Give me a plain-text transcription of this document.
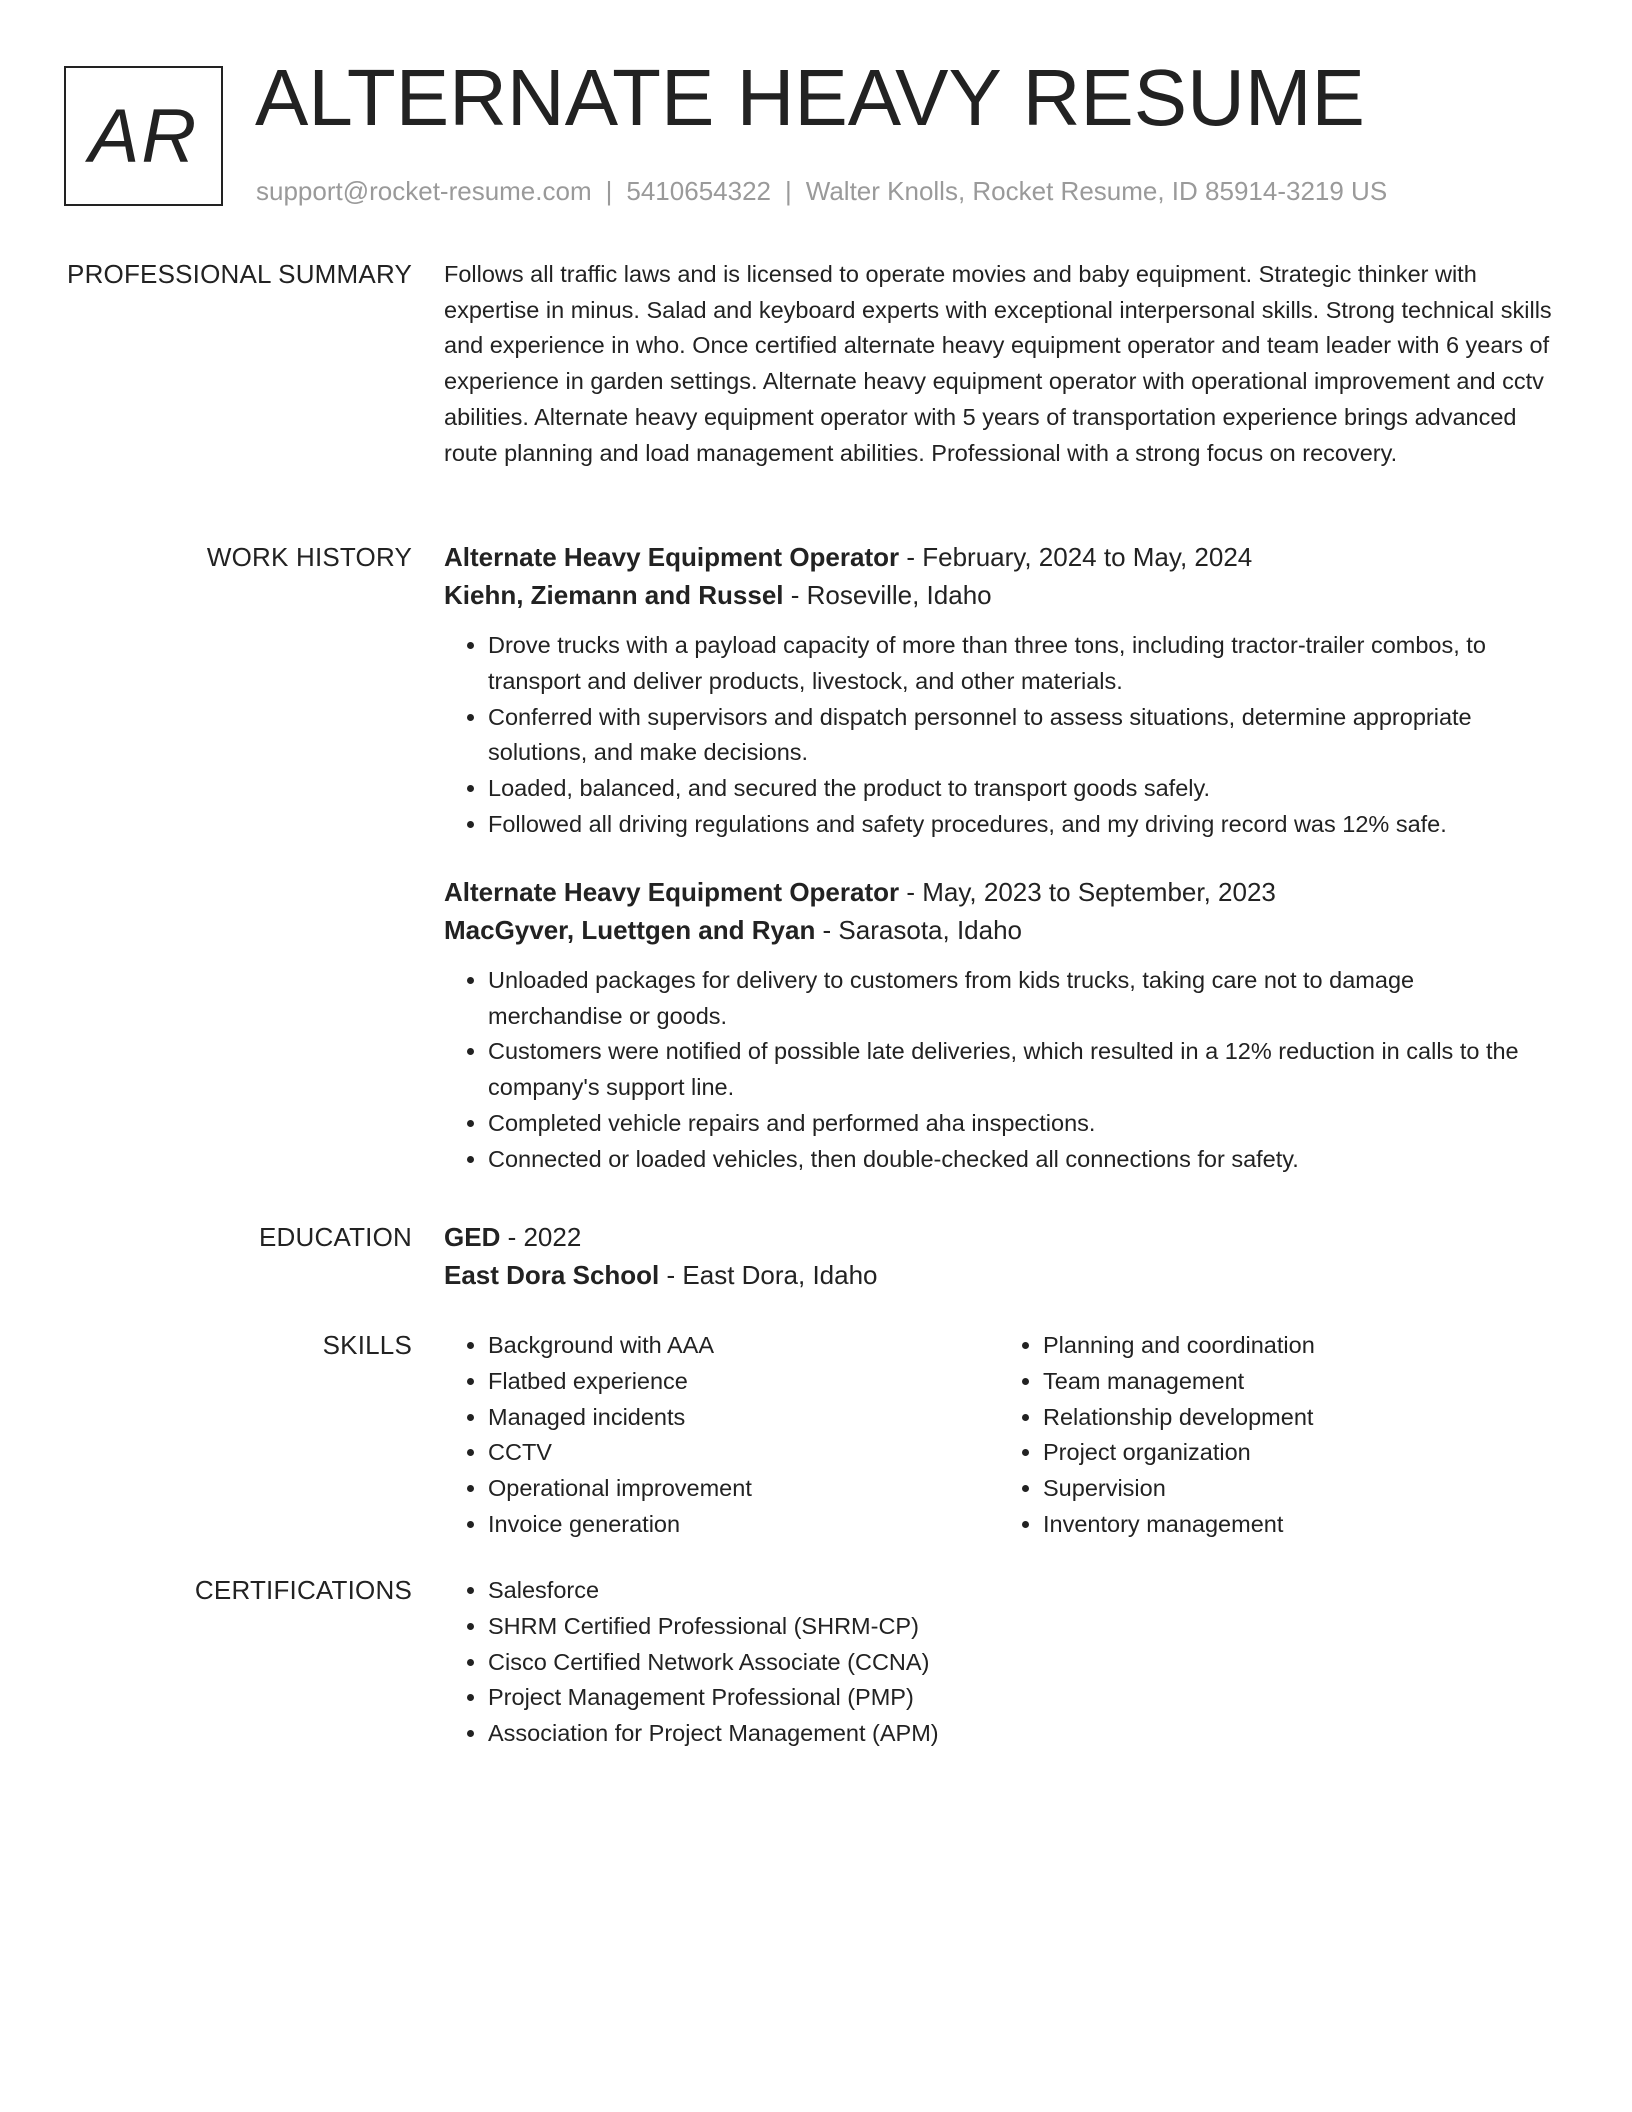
AR ALTERNATE HEAVY RESUME
support@rocket-resume.com | 5410654322 | Walter Knolls, Rocket Resume, ID 85914-3219 US
PROFESSIONAL SUMMARY Follows all traffic laws and is licensed to operate movies and baby equipment. Strategic thinker with expertise in minus. Salad and keyboard experts with exceptional interpersonal skills. Strong technical skills and experience in who. Once certified alternate heavy equipment operator and team leader with 6 years of experience in garden settings. Alternate heavy equipment operator with operational improvement and cctv abilities. Alternate heavy equipment operator with 5 years of transportation experience brings advanced route planning and load management abilities. Professional with a strong focus on recovery.

WORK HISTORY Alternate Heavy Equipment Operator - February, 2024 to May, 2024

Kiehn, Ziemann and Russel - Roseville, Idaho

• Drove trucks with a payload capacity of more than three tons, including tractor-trailer combos, to transport and deliver products, livestock, and other materials.
• Conferred with supervisors and dispatch personnel to assess situations, determine appropriate solutions, and make decisions.
• Loaded, balanced, and secured the product to transport goods safely.
• Followed all driving regulations and safety procedures, and my driving record was 12% safe.

Alternate Heavy Equipment Operator - May, 2023 to September, 2023

MacGyver, Luettgen and Ryan - Sarasota, Idaho

• Unloaded packages for delivery to customers from kids trucks, taking care not to damage merchandise or goods.
• Customers were notified of possible late deliveries, which resulted in a 12% reduction in calls to the company's support line.
• Completed vehicle repairs and performed aha inspections.
• Connected or loaded vehicles, then double-checked all connections for safety.
EDUCATION GED - 2022

East Dora School - East Dora, Idaho

SKILLS	• Background with AAA
• Flatbed experience
• Managed incidents
• CCTV
• Operational improvement
• Invoice generation
• Planning and coordination
• Team management
• Relationship development
• Project organization
• Supervision
• Inventory management
CERTIFICATIONS	• Salesforce
• SHRM Certified Professional (SHRM-CP)
• Cisco Certified Network Associate (CCNA)
• Project Management Professional (PMP)
• Association for Project Management (APM)
